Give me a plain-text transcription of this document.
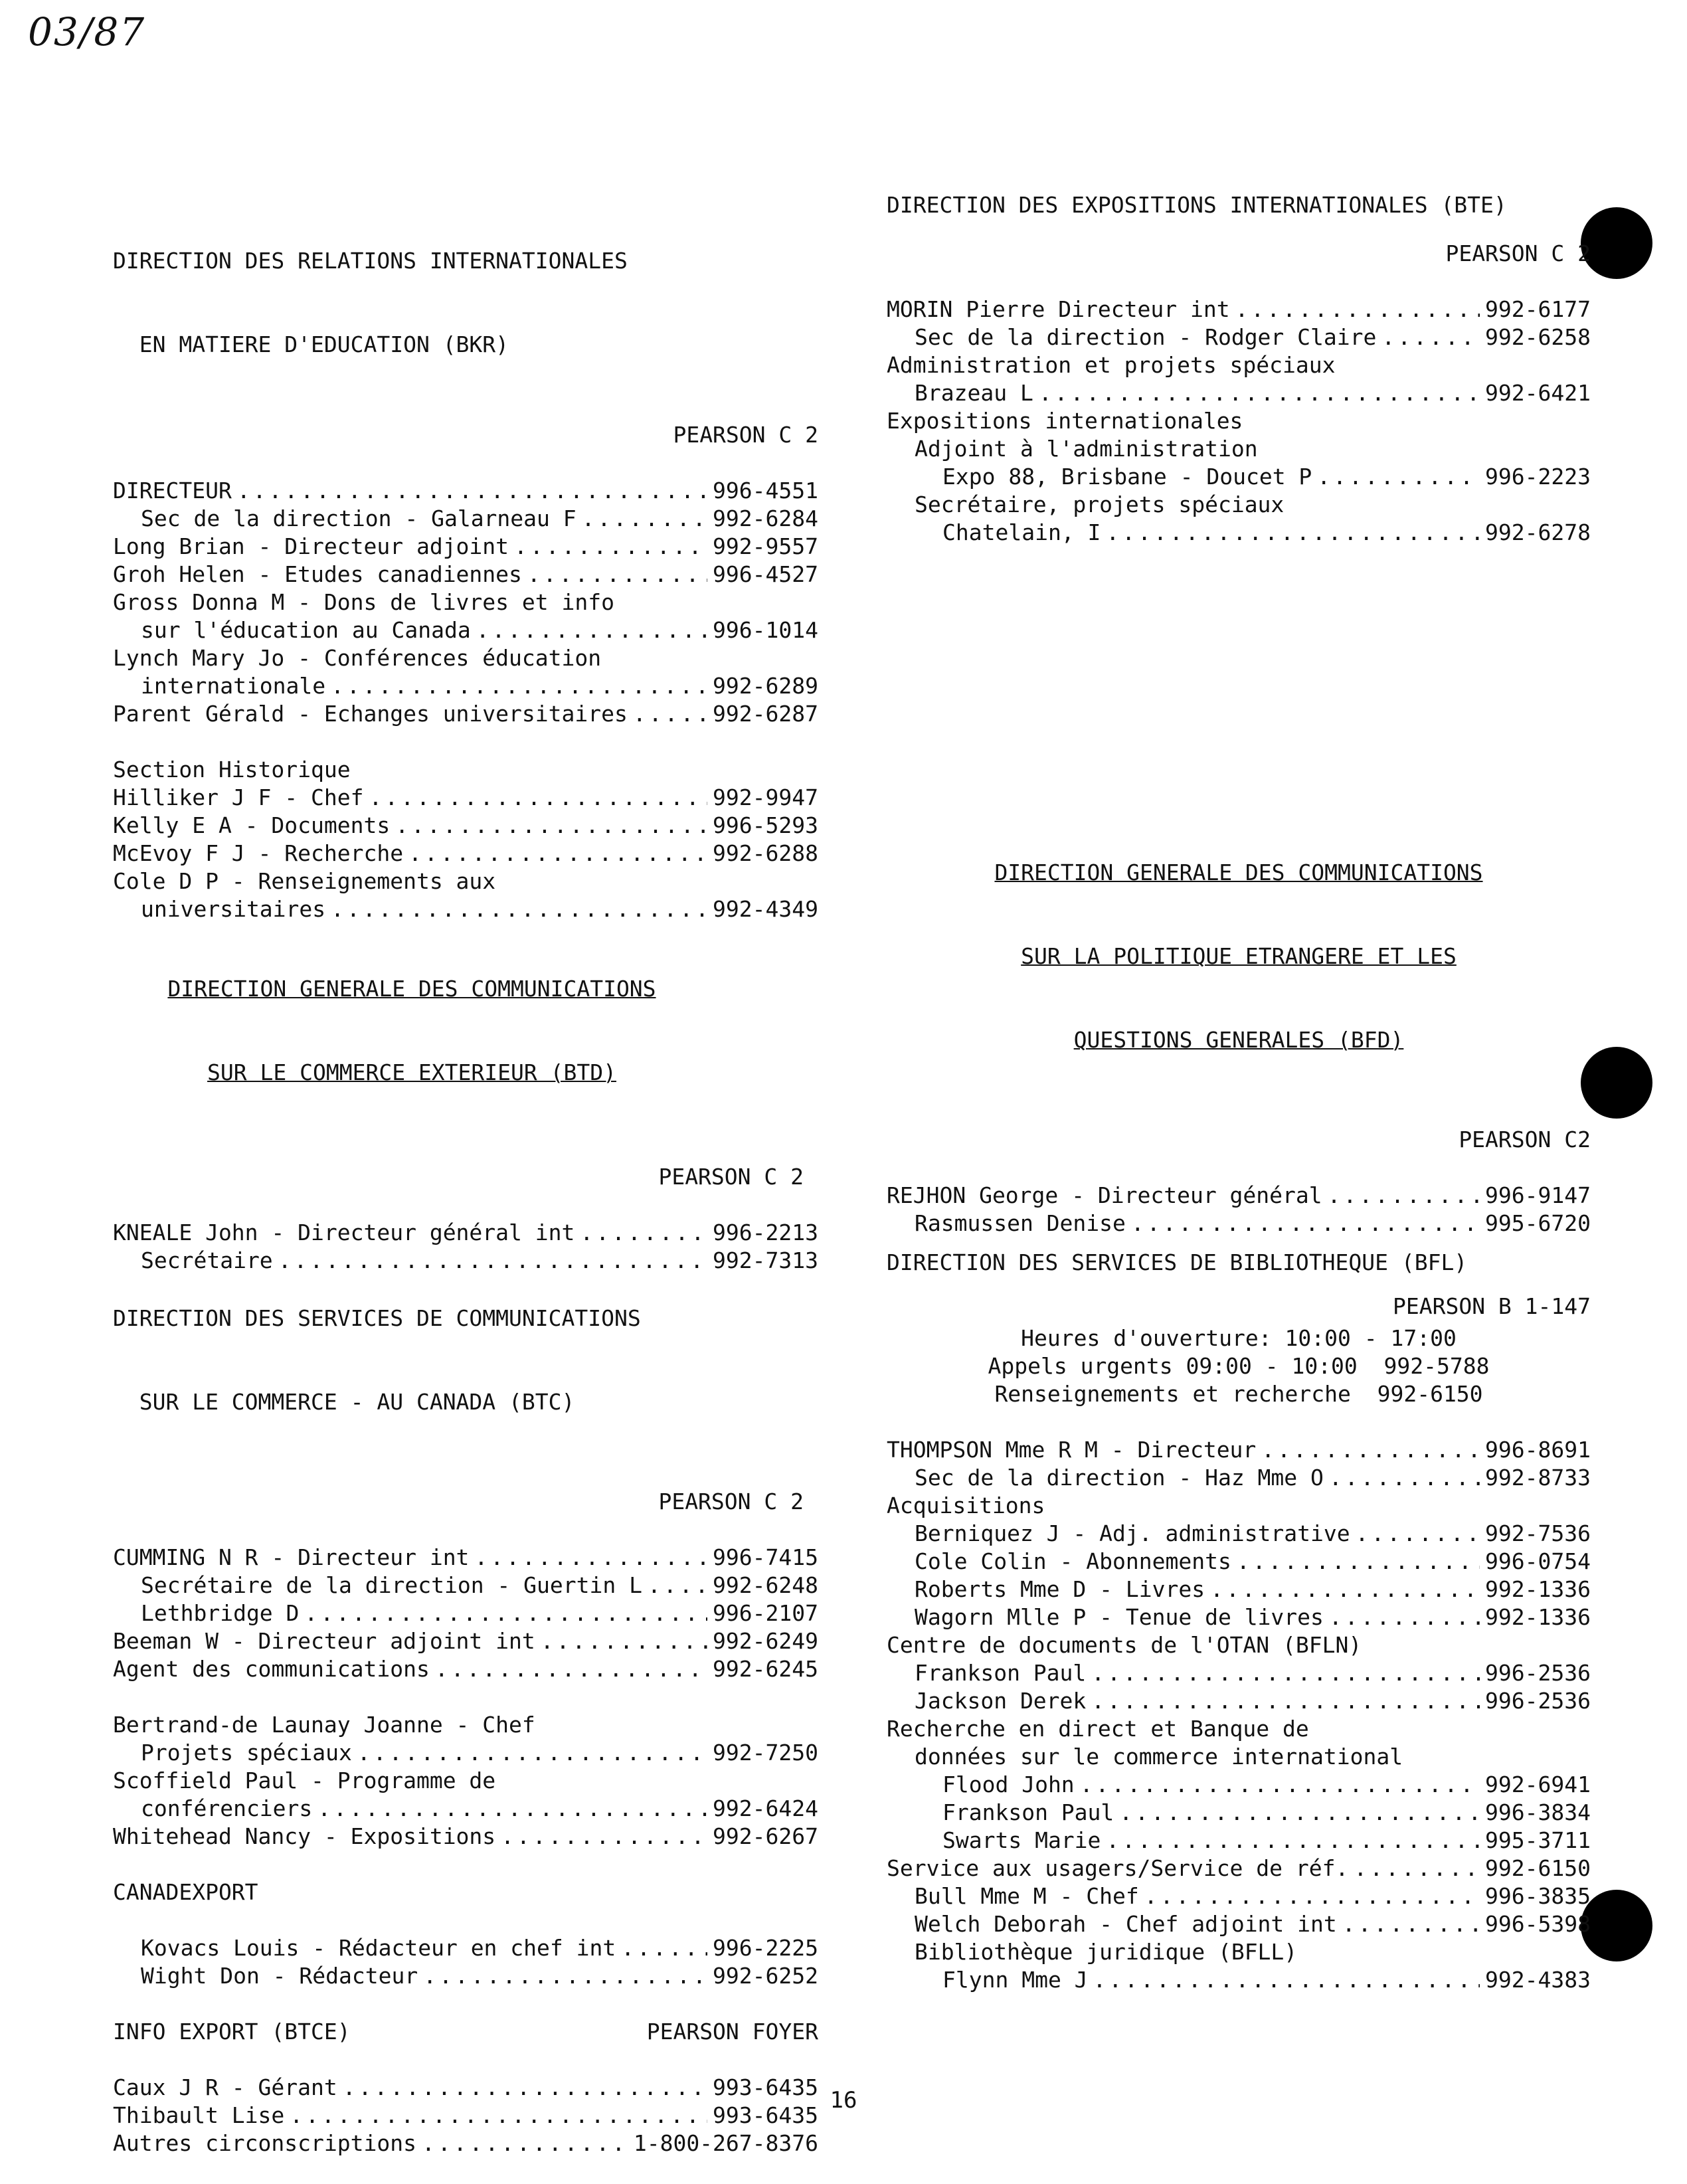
03/87

DIRECTION DES RELATIONS INTERNATIONALES

EN MATIERE D'EDUCATION (BKR)

PEARSON C 2
DIRECTEUR .....	996-4551
Sec de la direction - Galarneau F .....	992-6284
Long Brian - Directeur adjoint .....	992-9557
Groh Helen - Etudes canadiennes .....	996-4527
Gross Donna M - Dons de livres et info
sur l'éducation au Canada .....	996-1014
Lynch Mary Jo - Conférences éducation
internationale .....	992-6289
Parent Gérald - Echanges universitaires .....	992-6287
Section Historique
Hilliker J F - Chef .....	992-9947
Kelly E A - Documents .....	996-5293
McEvoy F J - Recherche .....	992-6288
Cole D P - Renseignements aux
universitaires .....	992-4349
DIRECTION DES EXPOSITIONS INTERNATIONALES (BTE)
PEARSON C 2
MORIN Pierre Directeur int .....	992-6177
Sec de la direction - Rodger Claire .....	992-6258
Administration et projets spéciaux
Brazeau L .....	992-6421
Expositions internationales
Adjoint à l'administration
Expo 88, Brisbane - Doucet P .....	996-2223
Secrétaire, projets spéciaux
Chatelain, I .....	992-6278

DIRECTION GENERALE DES COMMUNICATIONS

SUR LA POLITIQUE ETRANGERE ET LES

QUESTIONS GENERALES (BFD)

PEARSON C2
REJHON George - Directeur général .....	996-9147
Rasmussen Denise .....	995-6720

DIRECTION GENERALE DES COMMUNICATIONS

SUR LE COMMERCE EXTERIEUR (BTD)

PEARSON C 2
KNEALE John - Directeur général int .....	996-2213
Secrétaire .....	992-7313

DIRECTION DES SERVICES DE COMMUNICATIONS

SUR LE COMMERCE - AU CANADA (BTC)

PEARSON C 2
CUMMING N R - Directeur int .....	996-7415
Secrétaire de la direction - Guertin L .....	992-6248
Lethbridge D .....	996-2107
Beeman W - Directeur adjoint int .....	992-6249
Agent des communications .....	992-6245
Bertrand-de Launay Joanne - Chef
Projets spéciaux .....	992-7250
Scoffield Paul - Programme de
conférenciers .....	992-6424
Whitehead Nancy - Expositions .....	992-6267
CANADEXPORT
Kovacs Louis - Rédacteur en chef int .....	996-2225
Wight Don - Rédacteur .....	992-6252
INFO EXPORT (BTCE)	PEARSON FOYER
Caux J R - Gérant .....	993-6435
Thibault Lise .....	993-6435
Autres circonscriptions .....	1-800-267-8376
DIRECTION DES SERVICES DE BIBLIOTHEQUE (BFL)
PEARSON B 1-147
Heures d'ouverture: 10:00 - 17:00
Appels urgents 09:00 - 10:00  992-5788
Renseignements et recherche  992-6150
THOMPSON Mme R M - Directeur .....	996-8691
Sec de la direction - Haz Mme O .....	992-8733
Acquisitions
Berniquez J - Adj. administrative .....	992-7536
Cole Colin - Abonnements .....	996-0754
Roberts Mme D - Livres .....	992-1336
Wagorn Mlle P - Tenue de livres .....	992-1336
Centre de documents de l'OTAN (BFLN)
Frankson Paul .....	996-2536
Jackson Derek .....	996-2536
Recherche en direct et Banque de
données sur le commerce international
Flood John .....	992-6941
Frankson Paul .....	996-3834
Swarts Marie .....	995-3711
Service aux usagers/Service de réf. .....	992-6150
Bull Mme M - Chef .....	996-3835
Welch Deborah - Chef adjoint int .....	996-5398
Bibliothèque juridique (BFLL)
Flynn Mme J .....	992-4383
16
